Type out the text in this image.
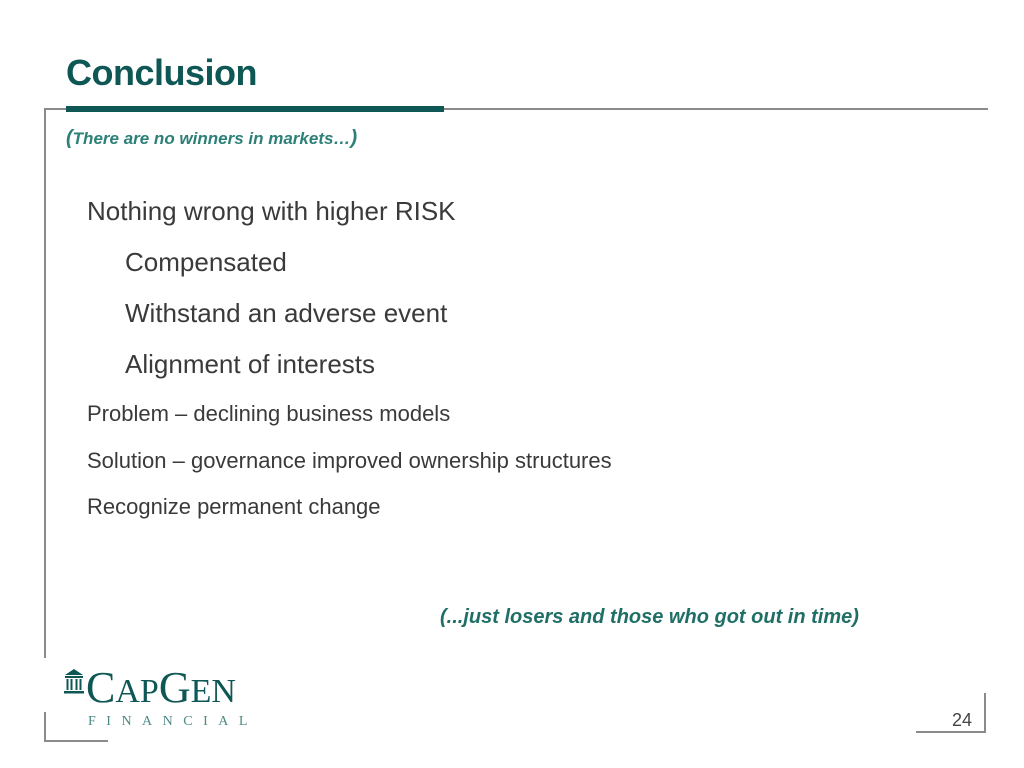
Conclusion
(There are no winners in markets…)
Nothing wrong with higher RISK
Compensated
Withstand an adverse event
Alignment of interests
Problem – declining business models
Solution – governance improved ownership structures
Recognize permanent change
(...just losers and those who got out in time)
CAPGEN
FINANCIAL	24
